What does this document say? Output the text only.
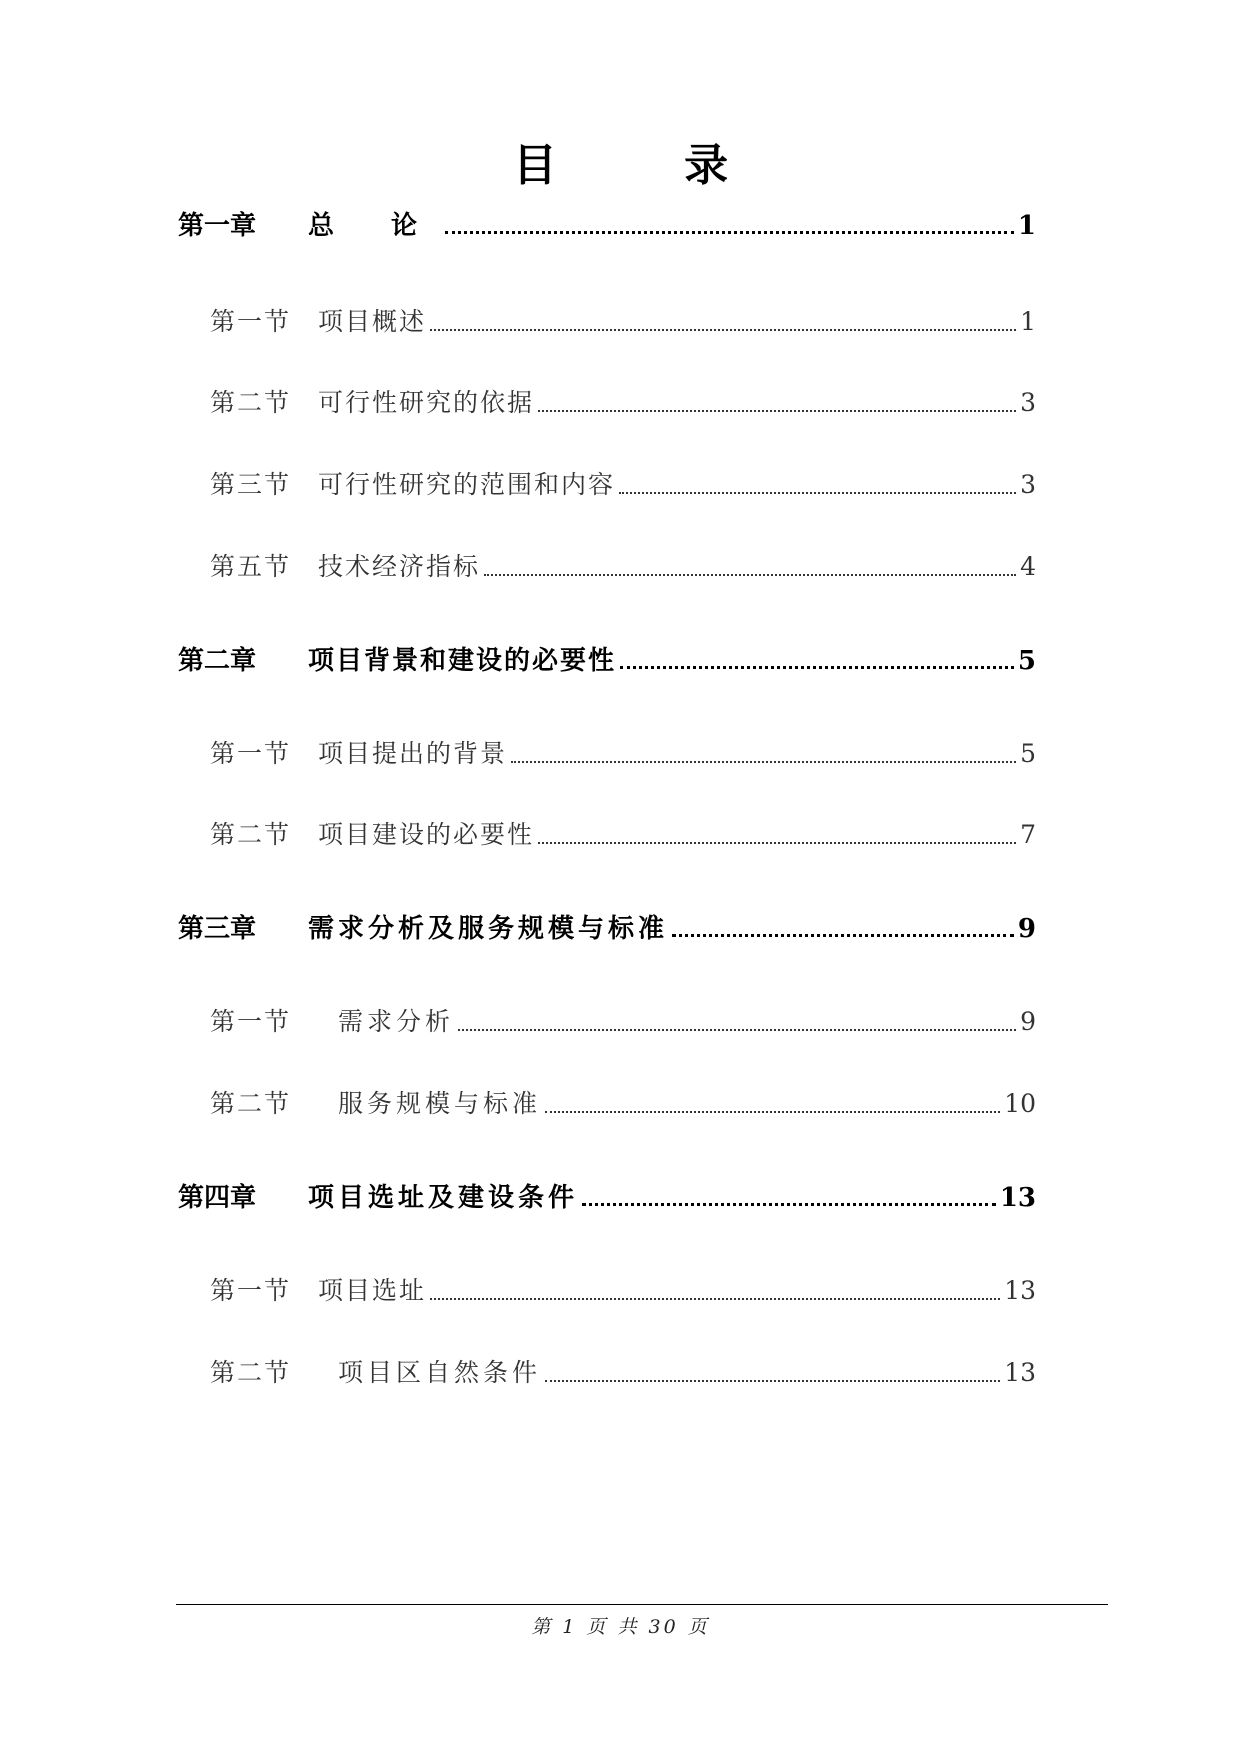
目 录
第一章	总 论	1
第一节	项目概述	1
第二节	可行性研究的依据	3
第三节	可行性研究的范围和内容	3
第五节	技术经济指标	4
第二章	项目背景和建设的必要性	5
第一节	项目提出的背景	5
第二节	项目建设的必要性	7
第三章	需求分析及服务规模与标准	9
第一节	需求分析	9
第二节	服务规模与标准	10
第四章	项目选址及建设条件	13
第一节	项目选址	13
第二节	项目区自然条件	13
第 1 页 共 30 页
